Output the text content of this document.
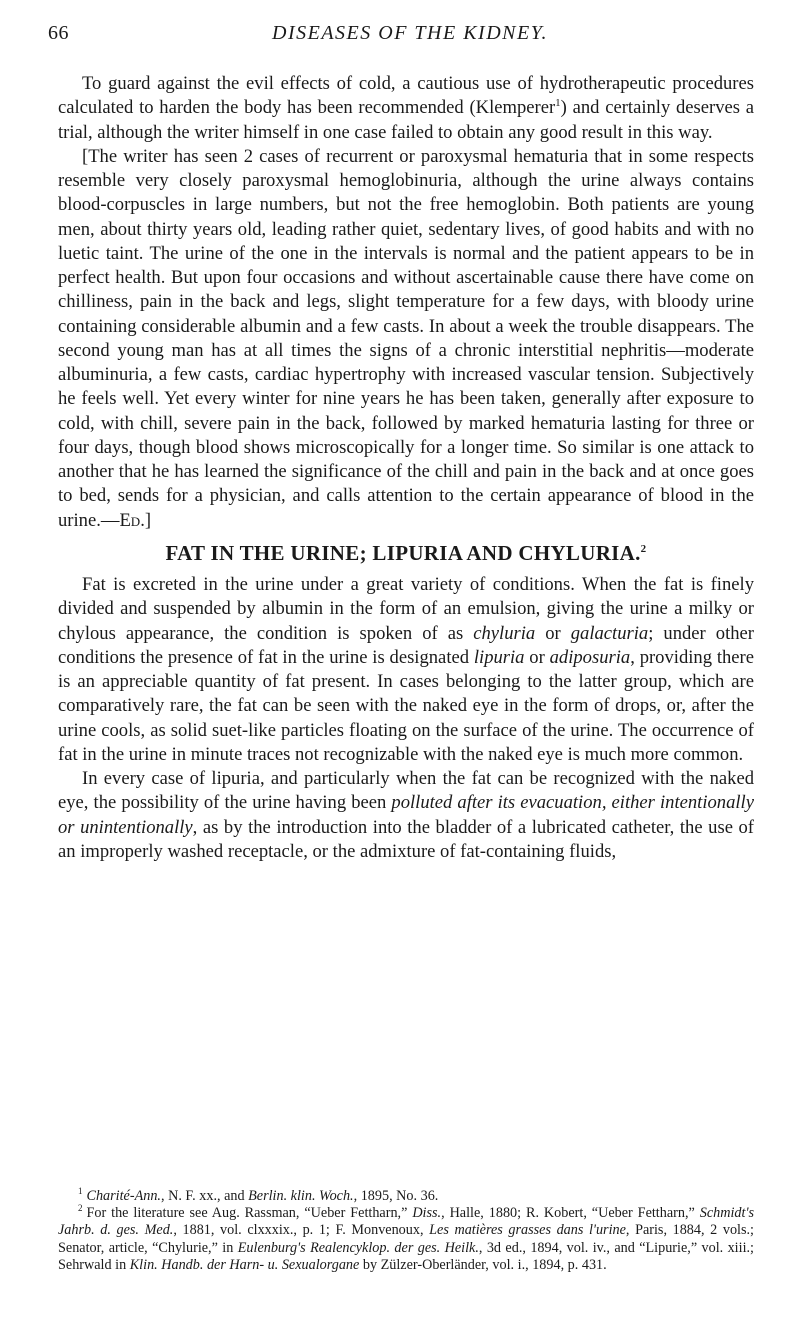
66	DISEASES OF THE KIDNEY.

To guard against the evil effects of cold, a cautious use of hydrotherapeutic procedures calculated to harden the body has been recommended (Klemperer$^1$) and certainly deserves a trial, although the writer himself in one case failed to obtain any good result in this way.

[The writer has seen 2 cases of recurrent or paroxysmal hematuria that in some respects resemble very closely paroxysmal hemoglobinuria, although the urine always contains blood-corpuscles in large numbers, but not the free hemoglobin. Both patients are young men, about thirty years old, leading rather quiet, sedentary lives, of good habits and with no luetic taint. The urine of the one in the intervals is normal and the patient appears to be in perfect health. But upon four occasions and without ascertainable cause there have come on chilliness, pain in the back and legs, slight temperature for a few days, with bloody urine containing considerable albumin and a few casts. In about a week the trouble disappears. The second young man has at all times the signs of a chronic interstitial nephritis—moderate albuminuria, a few casts, cardiac hypertrophy with increased vascular tension. Subjectively he feels well. Yet every winter for nine years he has been taken, generally after exposure to cold, with chill, severe pain in the back, followed by marked hematuria lasting for three or four days, though blood shows microscopically for a longer time. So similar is one attack to another that he has learned the significance of the chill and pain in the back and at once goes to bed, sends for a physician, and calls attention to the certain appearance of blood in the urine.—Ed.]

FAT IN THE URINE; LIPURIA AND CHYLURIA.$^2$

Fat is excreted in the urine under a great variety of conditions. When the fat is finely divided and suspended by albumin in the form of an emulsion, giving the urine a milky or chylous appearance, the condition is spoken of as chyluria or galacturia; under other conditions the presence of fat in the urine is designated lipuria or adiposuria, providing there is an appreciable quantity of fat present. In cases belonging to the latter group, which are comparatively rare, the fat can be seen with the naked eye in the form of drops, or, after the urine cools, as solid suet-like particles floating on the surface of the urine. The occurrence of fat in the urine in minute traces not recognizable with the naked eye is much more common.

In every case of lipuria, and particularly when the fat can be recognized with the naked eye, the possibility of the urine having been polluted after its evacuation, either intentionally or unintentionally, as by the introduction into the bladder of a lubricated catheter, the use of an improperly washed receptacle, or the admixture of fat-containing fluids,

$^1$ Charité-Ann., N. F. xx., and Berlin. klin. Woch., 1895, No. 36.

$^2$ For the literature see Aug. Rassman, “Ueber Fettharn,” Diss., Halle, 1880; R. Kobert, “Ueber Fettharn,” Schmidt's Jahrb. d. ges. Med., 1881, vol. clxxxix., p. 1; F. Monvenoux, Les matières grasses dans l'urine, Paris, 1884, 2 vols.; Senator, article, “Chylurie,” in Eulenburg's Realencyklop. der ges. Heilk., 3d ed., 1894, vol. iv., and “Lipurie,” vol. xiii.; Sehrwald in Klin. Handb. der Harn- u. Sexualorgane by Zülzer-Oberländer, vol. i., 1894, p. 431.
